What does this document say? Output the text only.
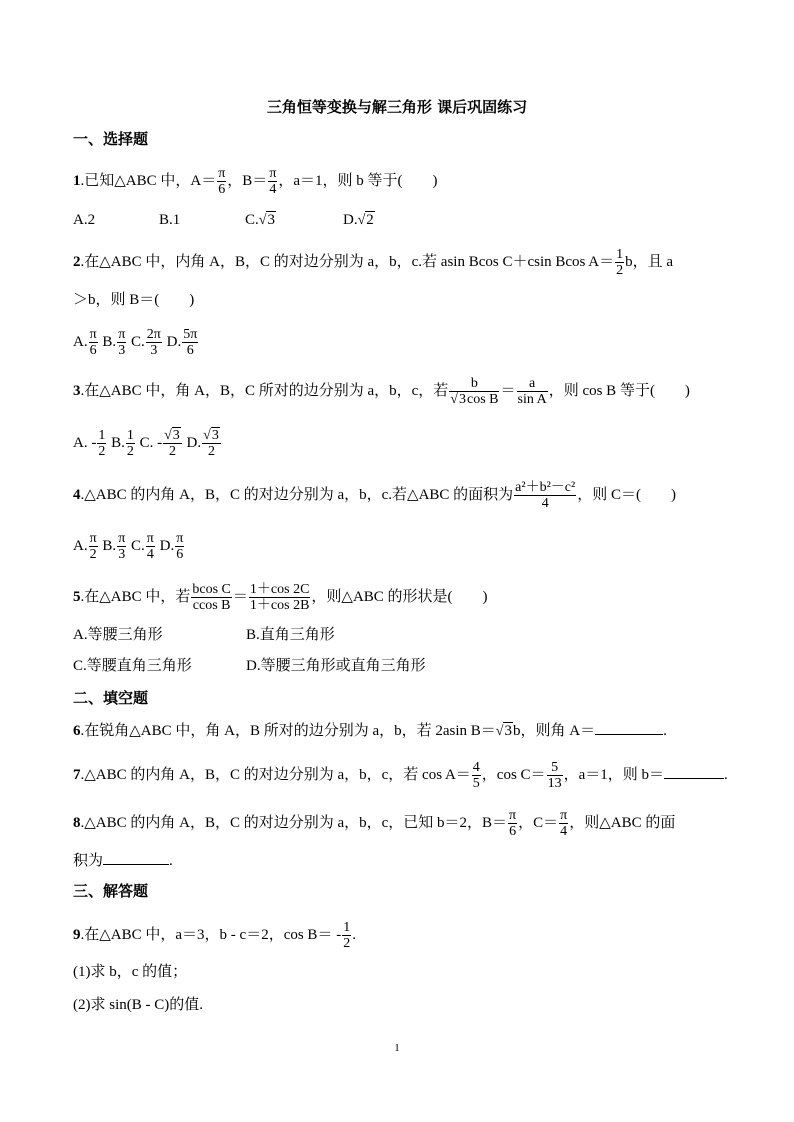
三角恒等变换与解三角形 课后巩固练习
一、选择题
1.已知△ABC 中，$A= \frac{\pi}{6}$ ，$B= \frac{\pi}{4}$ ，a＝1，则 b 等于(　　)
A.2	B.1	C.√3	D.√2
2.在△ABC 中，内角 A，B，C 的对边分别为 a，b，c.若 asin Bcos C＋csin Bcos $A= \frac{1}{2}$ b，且 a
＞b，则 B＝(　　)
A. $\frac{\pi}{6} B$. $\frac{\pi}{3} C$. $\frac{2\pi}{3} D$. $\frac{5\pi}{6}$
3.在△ABC 中，角 A，B，C 所对的边分别为 a，b，c，若 $\frac{b}{\text{√3cos B}} = \frac{a}{\text{sin A}}$ ，则 cos B 等于(　　)
A. - $\frac{1}{2} B$. $\frac{1}{2} C$. - $\frac{√3}{2} D$. $\frac{√3}{2}$
4.△ABC 的内角 A，B，C 的对边分别为 a，b，c.若△ABC 的面积为 $\frac{\text{a²＋b²－c²}}{4}$ ，则 C＝(　　)
A. $\frac{\pi}{2} B$. $\frac{\pi}{3} C$. $\frac{\pi}{4} D$. $\frac{\pi}{6}$
5.在△ABC 中，若 $\frac{\text{bcos C}}{\text{ccos B}} = \frac{1+\cos 2C}{1+\cos 2B}$ ，则△ABC 的形状是(　　)
A.等腰三角形	B.直角三角形
C.等腰直角三角形	D.等腰三角形或直角三角形
二、填空题
6.在锐角△ABC 中，角 A，B 所对的边分别为 a，b，若 2asin B＝√3b，则角 A＝	.
7.△ABC 的内角 A，B，C 的对边分别为 a，b，c，若 $\cos A= \frac{4}{5}$ ，$\cos C= \frac{5}{13}$ ，a＝1，则 b＝	.
8.△ABC 的内角 A，B，C 的对边分别为 a，b，c，已知 b＝2，$B= \frac{\pi}{6}$ ，$C= \frac{\pi}{4}$ ，则△ABC 的面
积为	.
三、解答题
9.在△ABC 中，a＝3，b - c＝2，$\cos B= - \frac{1}{2}$ .
(1)求 b，c 的值；
(2)求 sin(B - C)的值.
1
